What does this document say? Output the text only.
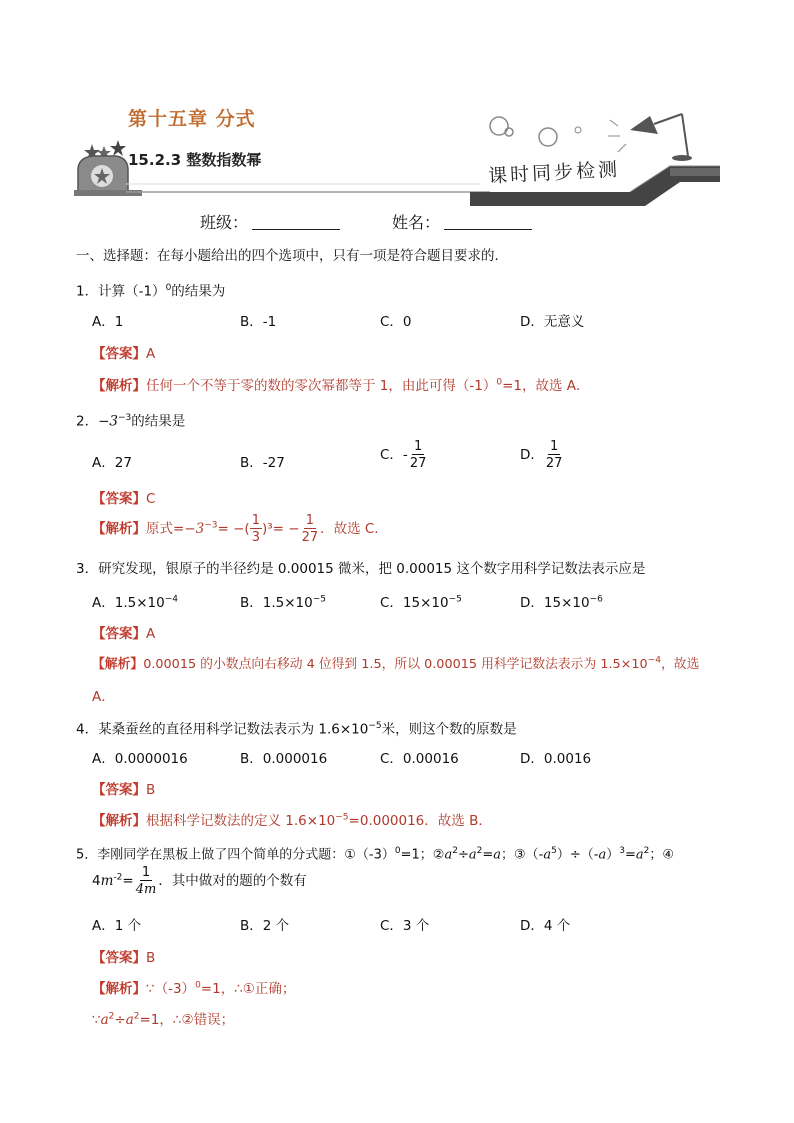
第十五章 分式
15.2.3 整数指数幂	课时同步检测
班级：	姓名：
一、选择题：在每小题给出的四个选项中，只有一项是符合题目要求的．
1．计算$(-1)^0$的结果为
A．1	B．-1	C．0	D．无意义
【答案】A
【解析】任何一个不等于零的数的零次幂都等于 1，由此可得$(-1)^0=1$，故选 A．
2．$-3^{-3}$的结果是
A．27	B．-27	C．- $\frac{1}{27}$	D． $\frac{1}{27}$
【答案】C
【解析】原式$=-3^{-3}=$ −( $\frac{1}{3} )^3= - \frac{1}{27}$ ．故选 C．
3．研究发现，银原子的半径约是 0.00015 微米，把 0.00015 这个数字用科学记数法表示应是
A．$1.5\times 10^{-4}$	B．$1.5\times 10^{-5}$	C．$15\times 10^{-5}$	D．$15\times 10^{-6}$
【答案】A
【解析】0.00015 的小数点向右移动 4 位得到 1.5，所以 0.00015 用科学记数法表示为 $1.5\times 10^{-4}$，故选
A．
4．某桑蚕丝的直径用科学记数法表示为 $1.6\times 10^{-5}$米，则这个数的原数是
A．0.0000016	B．0.000016	C．0.00016	D．0.0016
【答案】B
【解析】根据科学记数法的定义 $1.6\times 10^{-5}=0.000016$．故选 B．
5．李刚同学在黑板上做了四个简单的分式题：$①(-3)^0=1$；$②a^2\div a^2=a$；$③(-a^5)\div(-a)^3=a^2$；④
$4m^{-2}= \frac{1}{4m}$ ．其中做对的题的个数有
A．1 个	B．2 个	C．3 个	D．4 个
【答案】B
【解析】$\because(-3)^0=1$，∴①正确；
$\because a^2\div a^2=1$，∴②错误；
